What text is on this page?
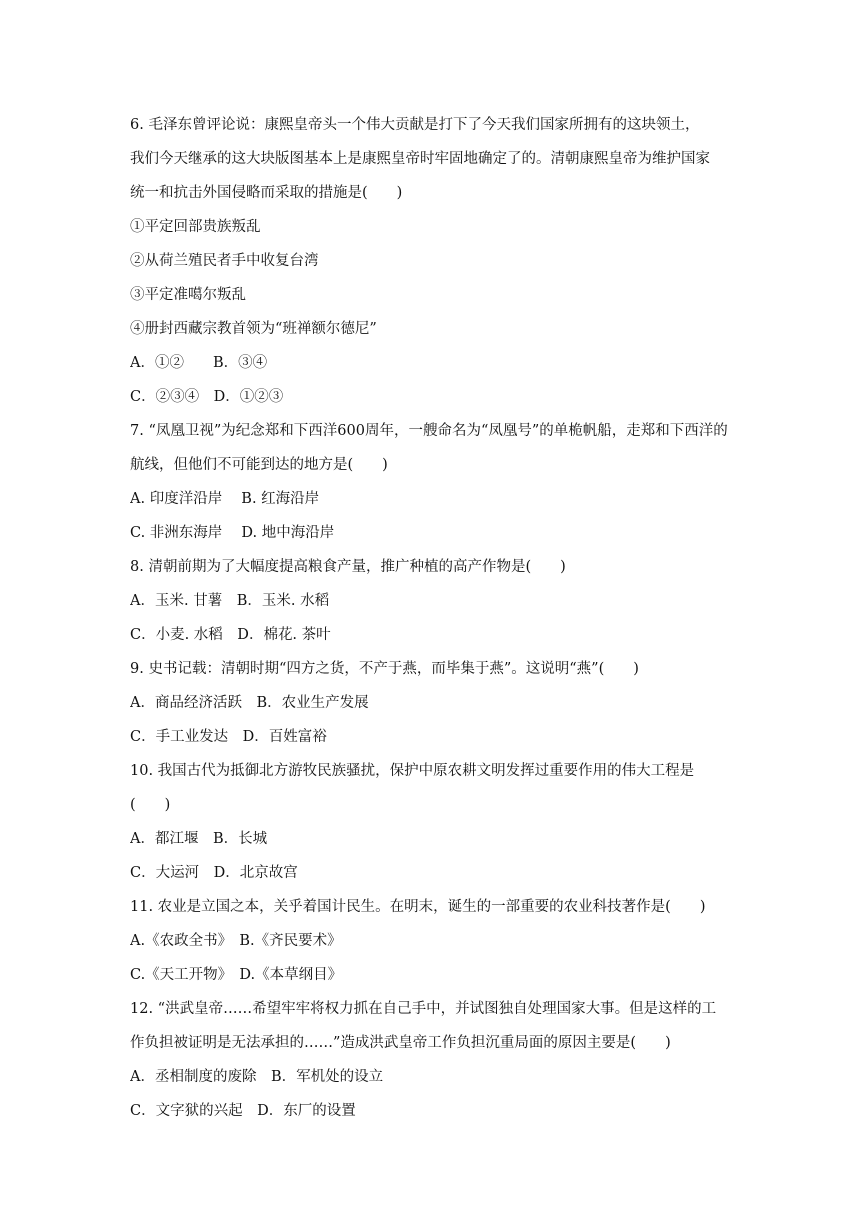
6. 毛泽东曾评论说：康熙皇帝头一个伟大贡献是打下了今天我们国家所拥有的这块领土，
我们今天继承的这大块版图基本上是康熙皇帝时牢固地确定了的。清朝康熙皇帝为维护国家
统一和抗击外国侵略而采取的措施是(　　)
①平定回部贵族叛乱
②从荷兰殖民者手中收复台湾
③平定准噶尔叛乱
④册封西藏宗教首领为“班禅额尔德尼”
A．①②　　B．③④
C．②③④　D．①②③
7. “凤凰卫视”为纪念郑和下西洋600周年，一艘命名为“凤凰号”的单桅帆船，走郑和下西洋的
航线，但他们不可能到达的地方是(　　)
A. 印度洋沿岸　 B. 红海沿岸
C. 非洲东海岸　 D. 地中海沿岸
8. 清朝前期为了大幅度提高粮食产量，推广种植的高产作物是(　　)
A．玉米. 甘薯　B．玉米. 水稻
C．小麦. 水稻　D．棉花. 茶叶
9. 史书记载：清朝时期“四方之货，不产于燕，而毕集于燕”。这说明“燕”(　　)
A．商品经济活跃　B．农业生产发展
C．手工业发达　D．百姓富裕
10. 我国古代为抵御北方游牧民族骚扰，保护中原农耕文明发挥过重要作用的伟大工程是
(　　)
A．都江堰　B．长城
C．大运河　D．北京故宫
11. 农业是立国之本，关乎着国计民生。在明末，诞生的一部重要的农业科技著作是(　　)
A.《农政全书》　B.《齐民要术》
C.《天工开物》　D.《本草纲目》
12. “洪武皇帝……希望牢牢将权力抓在自己手中，并试图独自处理国家大事。但是这样的工
作负担被证明是无法承担的……”造成洪武皇帝工作负担沉重局面的原因主要是(　　)
A．丞相制度的废除　B．军机处的设立
C．文字狱的兴起　D．东厂的设置
